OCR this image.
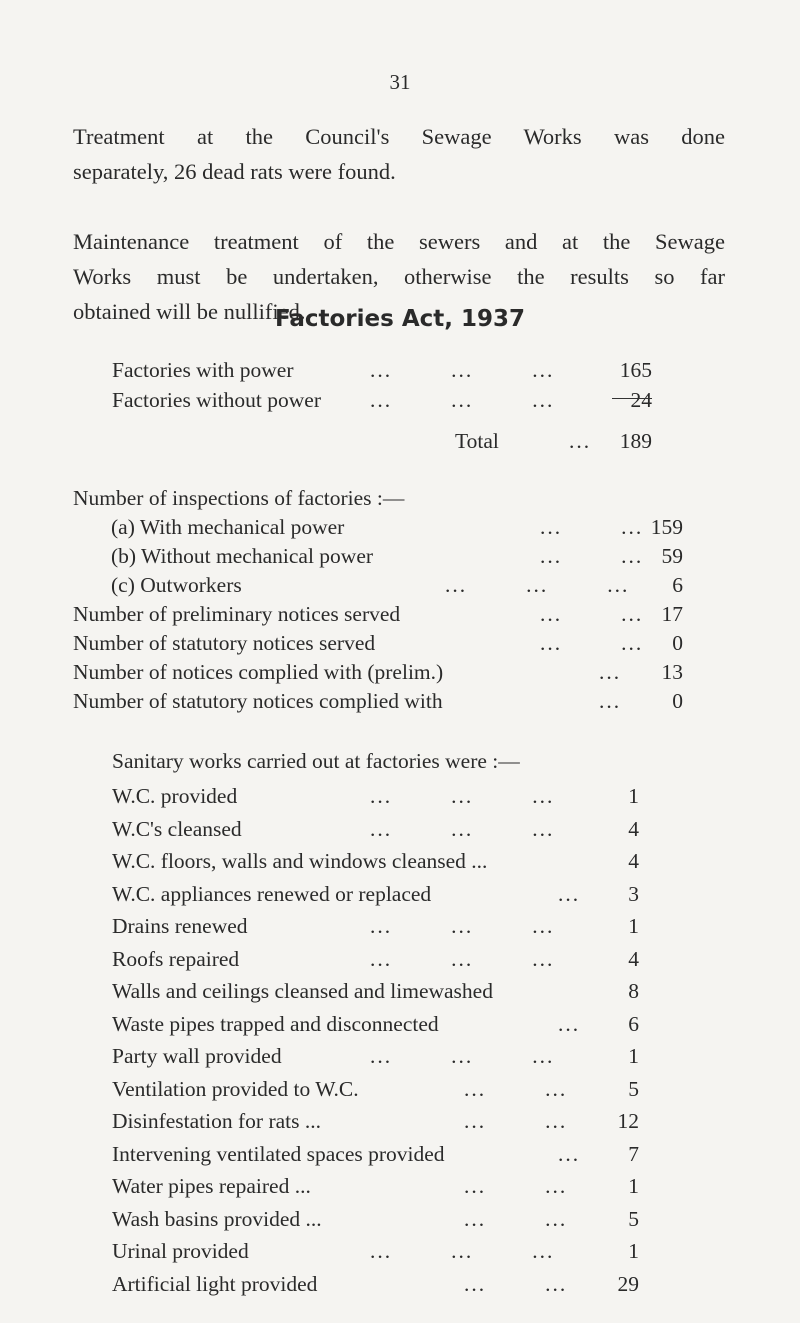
31
Treatment at the Council's Sewage Works was done
separately, 26 dead rats were found.
Maintenance treatment of the sewers and at the Sewage
Works must be undertaken, otherwise the results so far
obtained will be nullified.
Factories Act, 1937
Factories with power	...        ...        ...	165
Factories without power ...        ...        ...	24
Total	... 189
Number of inspections of factories :—
(a) With mechanical power	...        ... 159
(b) Without mechanical power	...        ... 59
(c) Outworkers	...        ...        ... 6
Number of preliminary notices served	...        ... 17
Number of statutory notices served	...        ... 0
Number of notices complied with (prelim.)	... 13
Number of statutory notices complied with	... 0
Sanitary works carried out at factories were :—
W.C. provided	...        ...        ...	1
W.C's cleansed	...        ...        ...	4
W.C. floors, walls and windows cleansed ...	4
W.C. appliances renewed or replaced	... 3
Drains renewed	...        ...        ...	1
Roofs repaired	...        ...        ...	4
Walls and ceilings cleansed and limewashed	8
Waste pipes trapped and disconnected	... 6
Party wall provided	...        ...        ...	1
Ventilation provided to W.C.	...        ...	5
Disinfestation for rats ...	...        ... 12
Intervening ventilated spaces provided	... 7
Water pipes repaired ...	...        ...	1
Wash basins provided ...	...        ...	5
Urinal provided	...        ...        ...	1
Artificial light provided	...        ... 29
